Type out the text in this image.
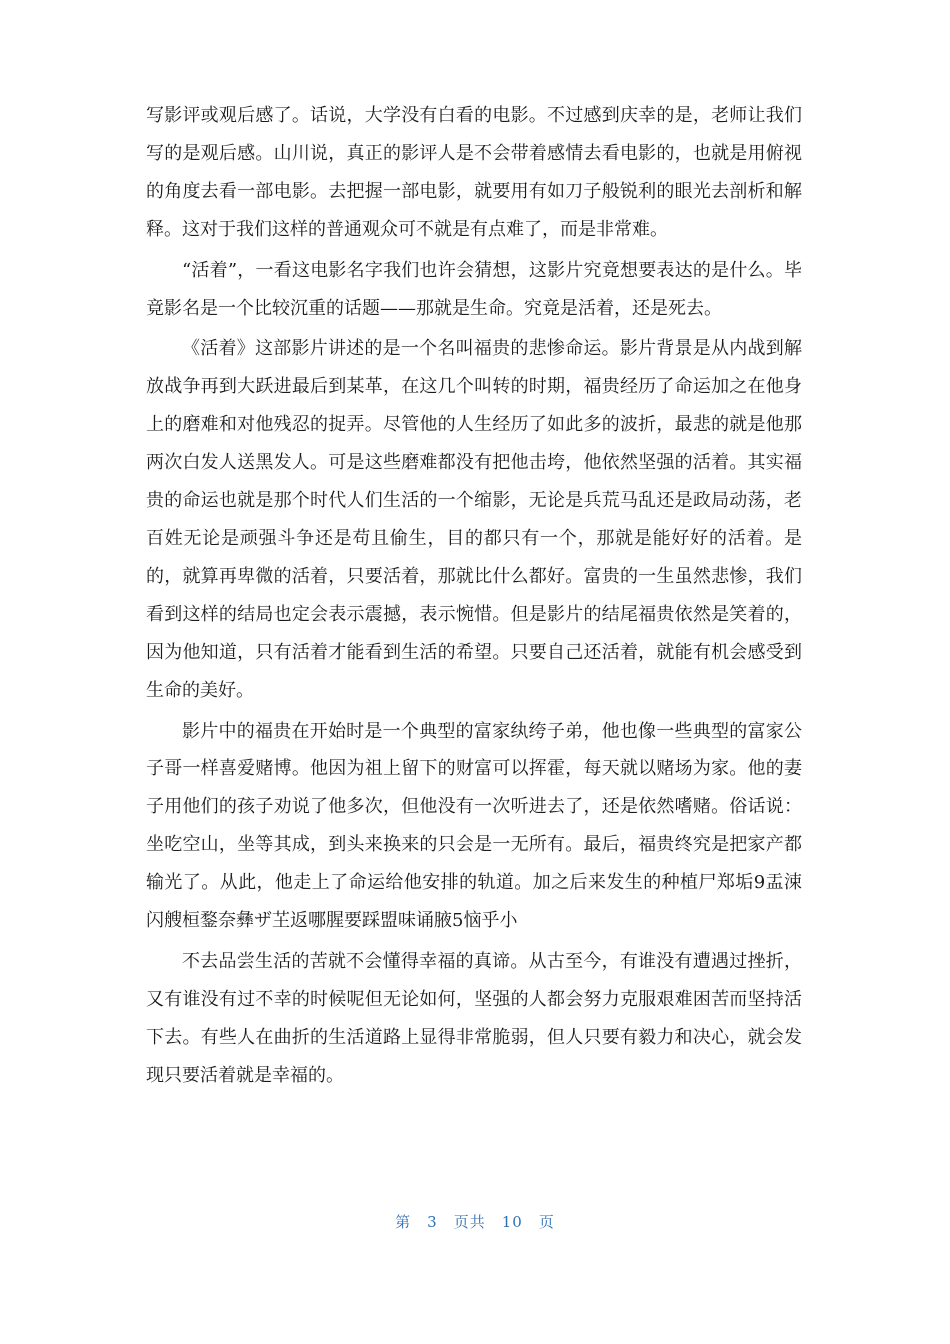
写影评或观后感了。话说，大学没有白看的电影。不过感到庆幸的是，老师让我们写的是观后感。山川说，真正的影评人是不会带着感情去看电影的，也就是用俯视的角度去看一部电影。去把握一部电影，就要用有如刀子般锐利的眼光去剖析和解释。这对于我们这样的普通观众可不就是有点难了，而是非常难。

“活着”，一看这电影名字我们也许会猜想，这影片究竟想要表达的是什么。毕竟影名是一个比较沉重的话题——那就是生命。究竟是活着，还是死去。

《活着》这部影片讲述的是一个名叫福贵的悲惨命运。影片背景是从内战到解放战争再到大跃进最后到某革，在这几个叫转的时期，福贵经历了命运加之在他身上的磨难和对他残忍的捉弄。尽管他的人生经历了如此多的波折，最悲的就是他那两次白发人送黑发人。可是这些磨难都没有把他击垮，他依然坚强的活着。其实福贵的命运也就是那个时代人们生活的一个缩影，无论是兵荒马乱还是政局动荡，老百姓无论是顽强斗争还是苟且偷生，目的都只有一个，那就是能好好的活着。是的，就算再卑微的活着，只要活着，那就比什么都好。富贵的一生虽然悲惨，我们看到这样的结局也定会表示震撼，表示惋惜。但是影片的结尾福贵依然是笑着的，因为他知道，只有活着才能看到生活的希望。只要自己还活着，就能有机会感受到生命的美好。

影片中的福贵在开始时是一个典型的富家纨绔子弟，他也像一些典型的富家公子哥一样喜爱赌博。他因为祖上留下的财富可以挥霍，每天就以赌场为家。他的妻子用他们的孩子劝说了他多次，但他没有一次听进去了，还是依然嗜赌。俗话说：坐吃空山，坐等其成，到头来换来的只会是一无所有。最后，福贵终究是把家产都输光了。从此，他走上了命运给他安排的轨道。加之后来发生的种植尸郑垢9盂涑闪艘桓鍪奈彝ザ芏返哪腥要踩盟味诵腋5恼乎小

不去品尝生活的苦就不会懂得幸福的真谛。从古至今，有谁没有遭遇过挫折，又有谁没有过不幸的时候呢但无论如何，坚强的人都会努力克服艰难困苦而坚持活下去。有些人在曲折的生活道路上显得非常脆弱，但人只要有毅力和决心，就会发现只要活着就是幸福的。

第 3 页共 10 页
